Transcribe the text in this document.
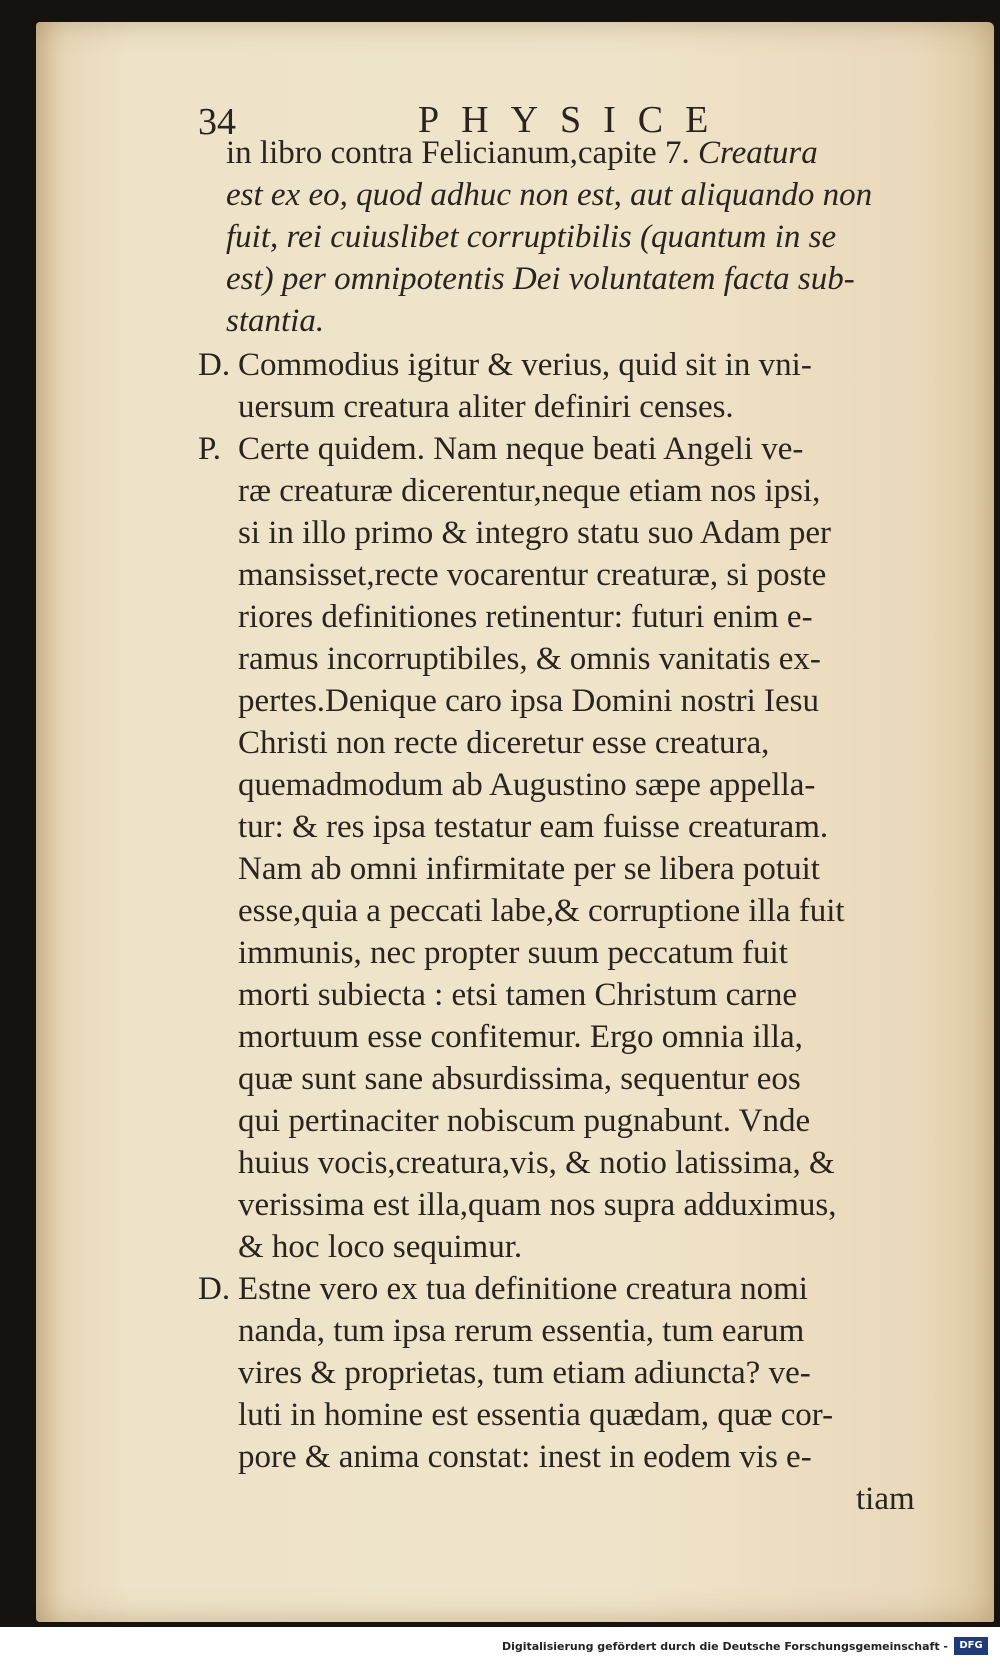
34	PHYSICE
in libro contra Felicianum,capite 7. Creatura
est ex eo, quod adhuc non est, aut aliquando non
fuit, rei cuiuslibet corruptibilis (quantum in se
est) per omnipotentis Dei voluntatem facta sub-
stantia.
D. Commodius igitur & verius, quid sit in vni-
uersum creatura aliter definiri censes.
P. Certe quidem. Nam neque beati Angeli ve-
ræ creaturæ dicerentur,neque etiam nos ipsi,
si in illo primo & integro statu suo Adam per
mansisset,recte vocarentur creaturæ, si poste
riores definitiones retinentur: futuri enim e-
ramus incorruptibiles, & omnis vanitatis ex-
pertes.Denique caro ipsa Domini nostri Iesu
Christi non recte diceretur esse creatura,
quemadmodum ab Augustino sæpe appella-
tur: & res ipsa testatur eam fuisse creaturam.
Nam ab omni infirmitate per se libera potuit
esse,quia a peccati labe,& corruptione illa fuit
immunis, nec propter suum peccatum fuit
morti subiecta : etsi tamen Christum carne
mortuum esse confitemur. Ergo omnia illa,
quæ sunt sane absurdissima, sequentur eos
qui pertinaciter nobiscum pugnabunt. Vnde
huius vocis,creatura,vis, & notio latissima, &
verissima est illa,quam nos supra adduximus,
& hoc loco sequimur.
D. Estne vero ex tua definitione creatura nomi
nanda, tum ipsa rerum essentia, tum earum
vires & proprietas, tum etiam adiuncta? ve-
luti in homine est essentia quædam, quæ cor-
pore & anima constat: inest in eodem vis e-
tiam
Digitalisierung gefördert durch die Deutsche Forschungsgemeinschaft -	DFG
